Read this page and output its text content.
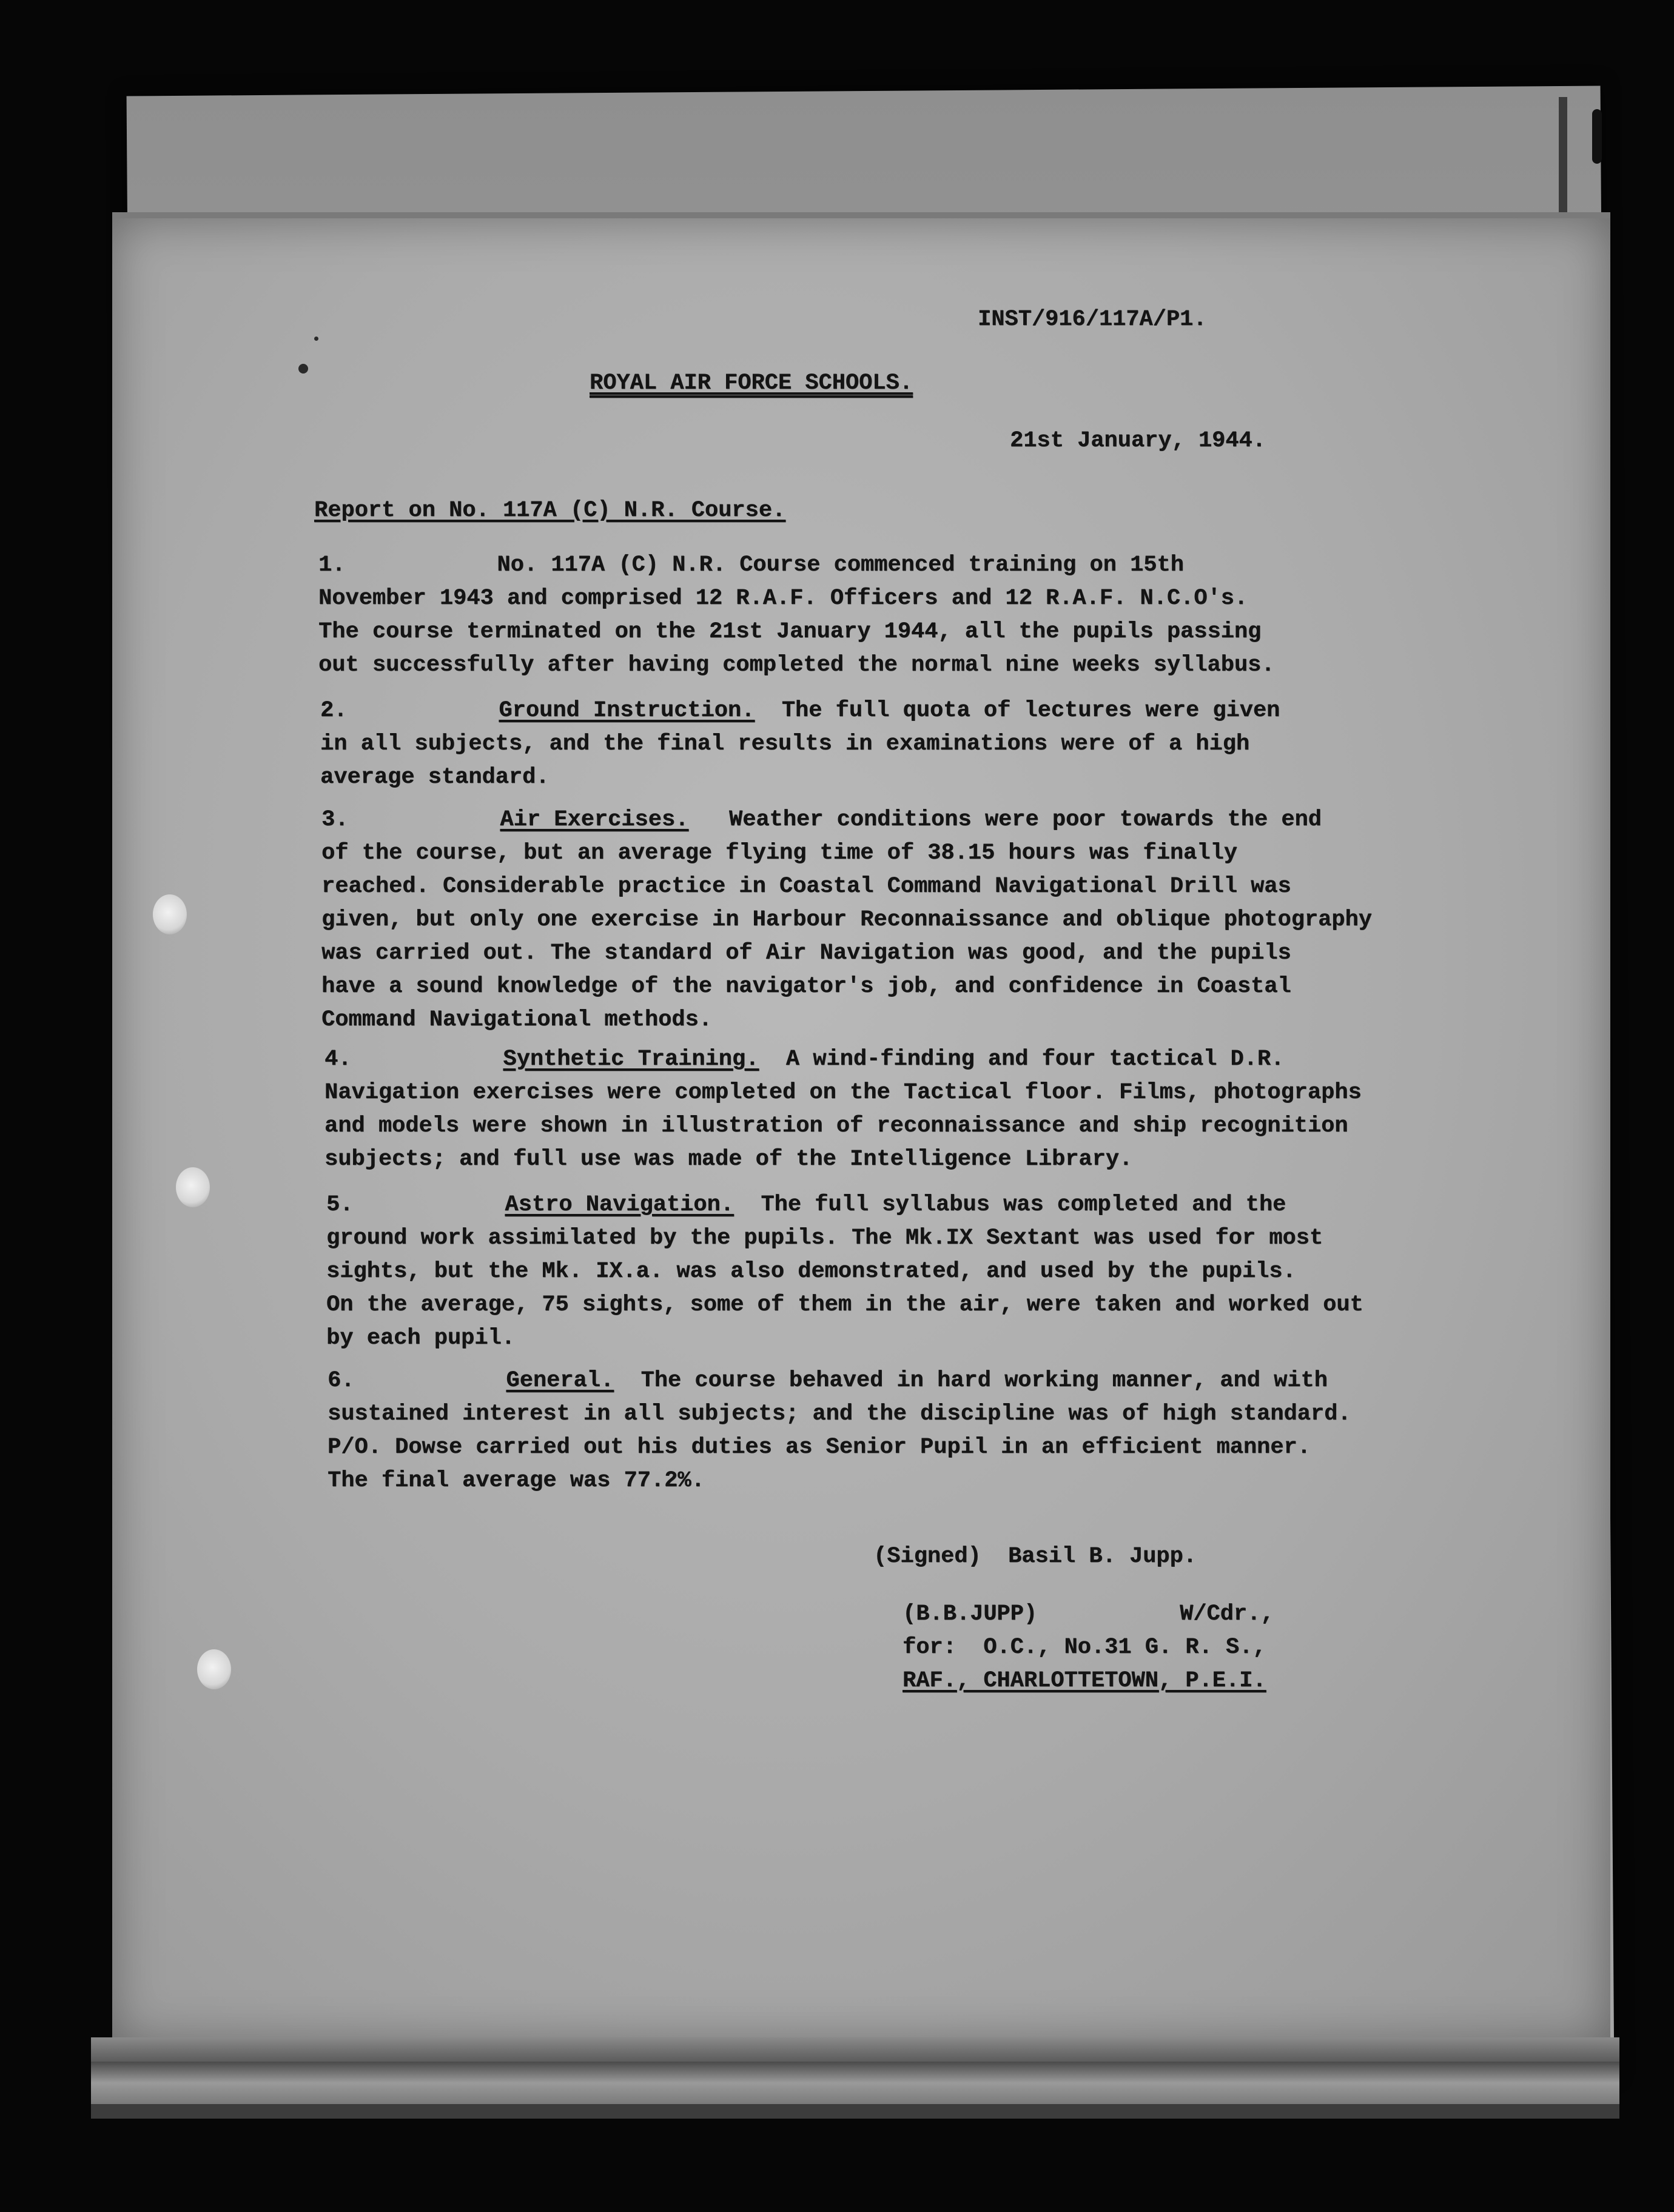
INST/916/117A/P1.

ROYAL AIR FORCE SCHOOLS.

21st January, 1944.

Report on No. 117A (C) N.R. Course.

1.	No. 117A (C) N.R. Course commenced training on 15th
November 1943 and comprised 12 R.A.F. Officers and 12 R.A.F. N.C.O's.
The course terminated on the 21st January 1944, all the pupils passing
out successfully after having completed the normal nine weeks syllabus.
2.	Ground Instruction. The full quota of lectures were given
in all subjects, and the final results in examinations were of a high
average standard.
3.	Air Exercises. Weather conditions were poor towards the end
of the course, but an average flying time of 38.15 hours was finally
reached. Considerable practice in Coastal Command Navigational Drill was
given, but only one exercise in Harbour Reconnaissance and oblique photography
was carried out. The standard of Air Navigation was good, and the pupils
have a sound knowledge of the navigator's job, and confidence in Coastal
Command Navigational methods.
4.	Synthetic Training. A wind-finding and four tactical D.R.
Navigation exercises were completed on the Tactical floor. Films, photographs
and models were shown in illustration of reconnaissance and ship recognition
subjects; and full use was made of the Intelligence Library.
5.	Astro Navigation. The full syllabus was completed and the
ground work assimilated by the pupils. The Mk.IX Sextant was used for most
sights, but the Mk. IX.a. was also demonstrated, and used by the pupils.
On the average, 75 sights, some of them in the air, were taken and worked out
by each pupil.
6.	General. The course behaved in hard working manner, and with
sustained interest in all subjects; and the discipline was of high standard.
P/O. Dowse carried out his duties as Senior Pupil in an efficient manner.
The final average was 77.2%.

(Signed)  Basil B. Jupp.

(B.B.JUPP)	W/Cdr.,

for:  O.C., No.31 G. R. S.,

RAF., CHARLOTTETOWN, P.E.I.
